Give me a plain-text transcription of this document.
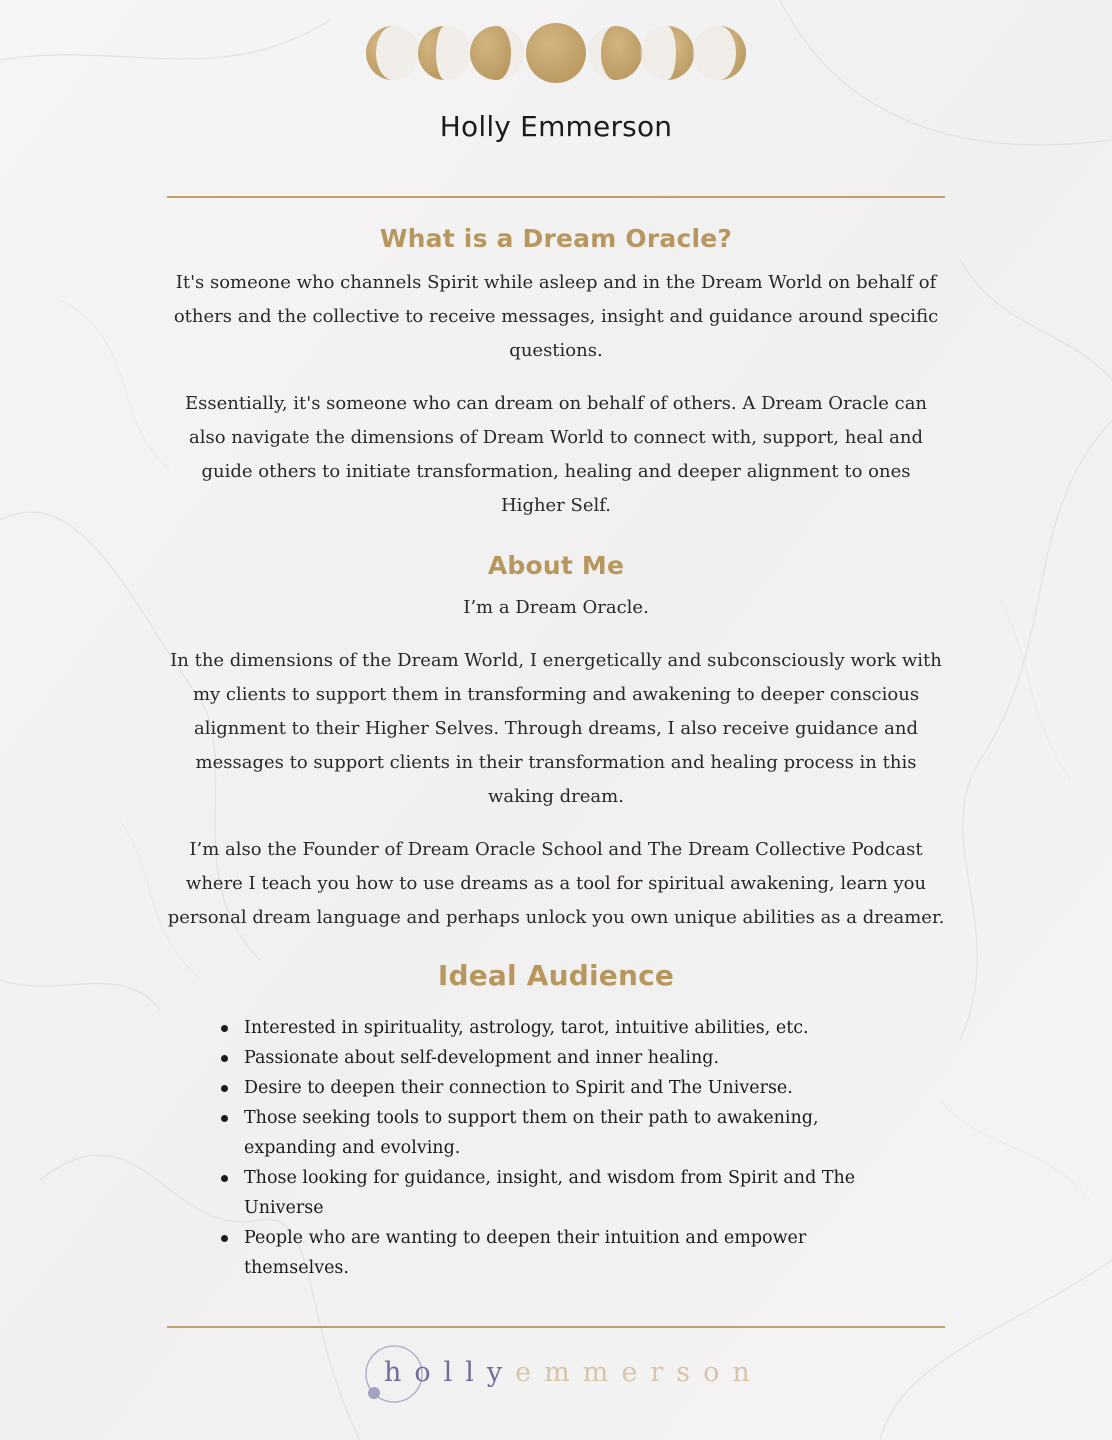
Holly Emmerson
What is a Dream Oracle?

It's someone who channels Spirit while asleep and in the Dream World on behalf of others and the collective to receive messages, insight and guidance around specific questions.

Essentially, it's someone who can dream on behalf of others. A Dream Oracle can also navigate the dimensions of Dream World to connect with, support, heal and guide others to initiate transformation, healing and deeper alignment to ones Higher Self.

About Me

I’m a Dream Oracle.

In the dimensions of the Dream World, I energetically and subconsciously work with my clients to support them in transforming and awakening to deeper conscious alignment to their Higher Selves. Through dreams, I also receive guidance and messages to support clients in their transformation and healing process in this waking dream.

I’m also the Founder of Dream Oracle School and The Dream Collective Podcast where I teach you how to use dreams as a tool for spiritual awakening, learn you personal dream language and perhaps unlock you own unique abilities as a dreamer.

Ideal Audience
Interested in spirituality, astrology, tarot, intuitive abilities, etc.
Passionate about self-development and inner healing.
Desire to deepen their connection to Spirit and The Universe.
Those seeking tools to support them on their path to awakening, expanding and evolving.
Those looking for guidance, insight, and wisdom from Spirit and The Universe
People who are wanting to deepen their intuition and empower themselves.
hollyemmerson
